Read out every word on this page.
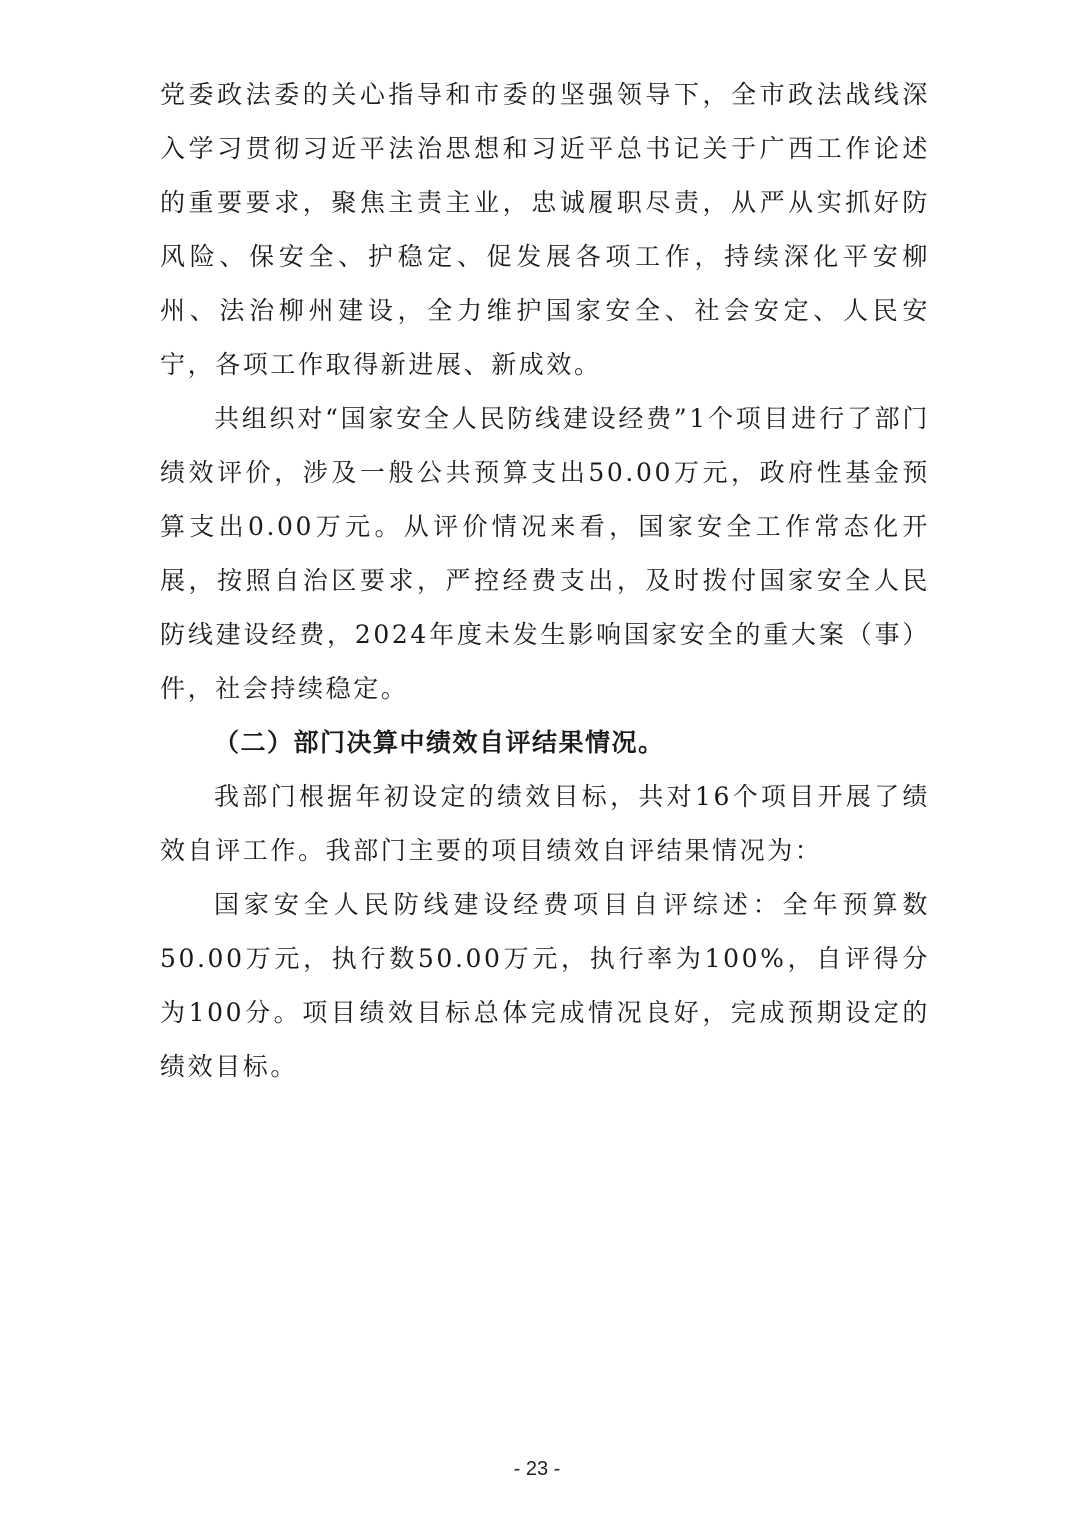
党委政法委的关心指导和市委的坚强领导下，全市政法战线深入学习贯彻习近平法治思想和习近平总书记关于广西工作论述的重要要求，聚焦主责主业，忠诚履职尽责，从严从实抓好防风险、保安全、护稳定、促发展各项工作，持续深化平安柳州、法治柳州建设，全力维护国家安全、社会安定、人民安宁，各项工作取得新进展、新成效。

共组织对“国家安全人民防线建设经费”1个项目进行了部门绩效评价，涉及一般公共预算支出50.00万元，政府性基金预算支出0.00万元。从评价情况来看，国家安全工作常态化开展，按照自治区要求，严控经费支出，及时拨付国家安全人民防线建设经费，2024年度未发生影响国家安全的重大案（事）件，社会持续稳定。

（二）部门决算中绩效自评结果情况。

我部门根据年初设定的绩效目标，共对16个项目开展了绩效自评工作。我部门主要的项目绩效自评结果情况为：

国家安全人民防线建设经费项目自评综述：全年预算数50.00万元，执行数50.00万元，执行率为100%，自评得分为100分。项目绩效目标总体完成情况良好，完成预期设定的绩效目标。

- 23 -
